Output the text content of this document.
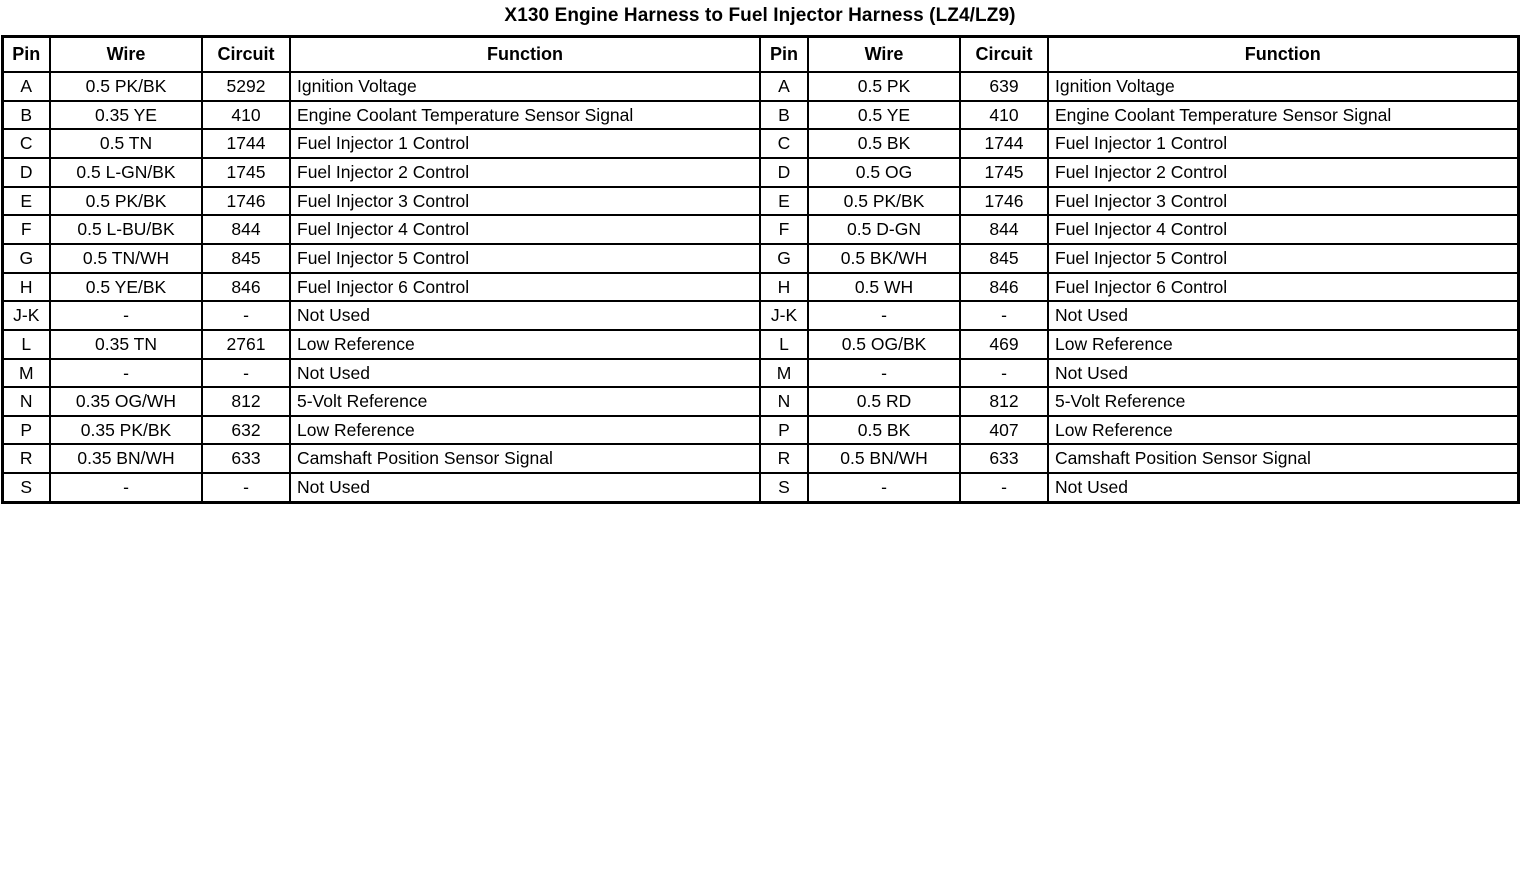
X130 Engine Harness to Fuel Injector Harness (LZ4/LZ9)
Pin	Wire	Circuit	Function	Pin	Wire	Circuit	Function
A	0.5 PK/BK	5292	Ignition Voltage	A	0.5 PK	639	Ignition Voltage
B	0.35 YE	410	Engine Coolant Temperature Sensor Signal	B	0.5 YE	410	Engine Coolant Temperature Sensor Signal
C	0.5 TN	1744	Fuel Injector 1 Control	C	0.5 BK	1744	Fuel Injector 1 Control
D	0.5 L-GN/BK	1745	Fuel Injector 2 Control	D	0.5 OG	1745	Fuel Injector 2 Control
E	0.5 PK/BK	1746	Fuel Injector 3 Control	E	0.5 PK/BK	1746	Fuel Injector 3 Control
F	0.5 L-BU/BK	844	Fuel Injector 4 Control	F	0.5 D-GN	844	Fuel Injector 4 Control
G	0.5 TN/WH	845	Fuel Injector 5 Control	G	0.5 BK/WH	845	Fuel Injector 5 Control
H	0.5 YE/BK	846	Fuel Injector 6 Control	H	0.5 WH	846	Fuel Injector 6 Control
J-K	-	-	Not Used	J-K	-	-	Not Used
L	0.35 TN	2761	Low Reference	L	0.5 OG/BK	469	Low Reference
M	-	-	Not Used	M	-	-	Not Used
N	0.35 OG/WH	812	5-Volt Reference	N	0.5 RD	812	5-Volt Reference
P	0.35 PK/BK	632	Low Reference	P	0.5 BK	407	Low Reference
R	0.35 BN/WH	633	Camshaft Position Sensor Signal	R	0.5 BN/WH	633	Camshaft Position Sensor Signal
S	-	-	Not Used	S	-	-	Not Used
